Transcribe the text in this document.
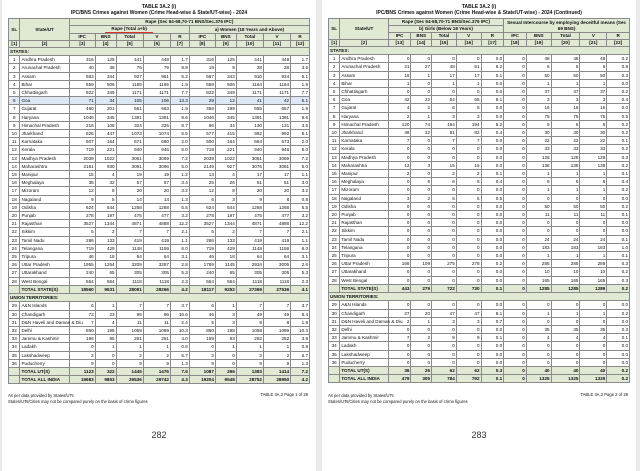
TABLE 3A.2 (i)
IPC/BNS Crimes against Women (Crime Head-wise & State/UT-wise) - 2024
SL	State/UT	Rape (Sec 64-68,70-71 BNS/Sec.376 IPC)									
		Rape (Total a+b)					a) Women (18 Years and Above)				
		IPC	BNS	Total	V	R	IPC	BNS	Total	V	R
[1]	[2]	[3]	[4]	[5]	[6]	[7]	[8]	[9]	[10]	[11]	[12]
STATES:											
1	Andhra Pradesh	316	125	441	448	1.7	316	125	441	448	1.7
2	Arunachal Pradesh	40	36	76	79	9.9	19	9	28	28	3.6
3	Assam	583	344	927	951	5.2	567	343	910	934	5.1
4	Bihar	659	506	1165	1165	1.9	658	506	1164	1164	1.9
5	Chhattisgarh	822	349	1171	1171	7.7	822	349	1171	1171	7.7
6	Goa	71	34	105	106	13.3	29	12	41	42	5.1
7	Gujarat	460	201	661	663	1.9	456	199	655	657	1.9
8	Haryana	1046	345	1391	1391	9.6	1046	345	1391	1391	9.6
9	Himachal Pradesh	216	108	324	325	8.7	96	34	130	131	3.5
10	Jharkhand	626	447	1073	1074	5.5	577	415	992	992	5.1
11	Karnataka	507	164	671	680	2.0	500	164	664	673	2.0
12	Kerala	719	221	940	946	5.0	719	221	940	946	5.0
13	Madhya Pradesh	2039	1022	3061	3069	7.2	2039	1022	3061	3069	7.2
14	Maharashtra	2161	930	3091	3096	5.0	2149	927	3076	3081	5.0
15	Manipur	15	4	19	19	1.2	13	4	17	17	1.1
16	Meghalaya	35	32	57	57	3.4	25	26	51	51	3.0
17	Mizoram	12	8	20	20	3.2	12	8	20	20	3.2
18	Nagaland	9	5	14	14	1.3	6	3	9	8	0.8
19	Odisha	624	644	1268	1268	5.5	624	644	1268	1268	5.5
20	Punjab	278	197	475	477	3.2	278	197	475	477	3.2
21	Rajasthan	3527	1344	4871	4888	12.2	3527	1344	4871	4888	12.2
22	Sikkim	5	2	7	7	2.1	5	2	7	7	2.1
23	Tamil Nadu	286	133	419	419	1.1	286	133	419	419	1.1
24	Telangana	719	429	1148	1159	6.0	719	429	1148	1159	6.0
25	Tripura	46	18	64	64	3.1	46	18	64	64	3.1
26	Uttar Pradesh	1955	1254	3209	3287	2.8	1789	1145	2934	3005	2.6
27	Uttarakhand	240	65	305	305	5.3	240	65	305	305	5.3
28	West Bengal	554	564	1118	1118	2.3	554	564	1118	1118	2.3
	TOTAL STATE(S)	18560	9531	28091	28266	4.2	18117	9252	27369	27536	4.1
UNION TERRITORIES:											
29	A&N Islands	6	1	7	7	3.7	6	1	7	7	3.7
30	Chandigarh	73	23	96	96	16.6	46	3	49	49	8.4
31	D&N Haveli and Daman & Diu	7	4	11	11	2.4	5	3	8	8	1.8
32	Delhi	860	198	1058	1089	10.3	860	198	1058	1089	10.3
33	Jammu & Kashmir	166	95	261	261	4.0	159	93	252	252	3.8
34	Ladakh	0	1	1	1	0.8	0	1	1	1	0.8
35	Lakshadweep	2	0	2	2	6.7	2	0	2	2	6.7
36	Puducherry	9	0	9	9	1.3	9	0	9	9	1.3
	TOTAL UT(S)	1123	322	1445	1476	7.6	1087	296	1383	1414	7.2
	TOTAL ALL INDIA	19683	9853	29536	29742	4.3	19204	9548	28752	28950	4.2
As per data provided by States/UTs
States/UTs/Cities may not be compared purely on the basis of crime figures
TABLE 3A.2 Page 1 of 28
282
TABLE 3A.2 (i)
IPC/BNS Crimes against Women (Crime Head-wise & State/UT-wise) - 2024 (Continued)
SL	State/UT	Rape (Sec 64-68,70-71 BNS/Sec.376 IPC)					Sexual Intercourse by employing deceitful means (Sec 69 BNS)				
		b) Girls (Below 18 Years)									
		IPC	BNS	Total	V	R	IPC	BNS	Total	V	R
[1]	[2]	[13]	[14]	[15]	[16]	[17]	[18]	[19]	[20]	[21]	[22]
STATES:											
1	Andhra Pradesh	0	0	0	0	0.0	0	48	48	48	0.2
2	Arunachal Pradesh	21	27	48	51	6.2	0	6	6	6	0.8
3	Assam	16	1	17	17	0.1	0	50	50	50	0.3
4	Bihar	1	0	1	1	0.0	0	1	1	1	0.0
5	Chhattisgarh	0	0	0	0	0.0	0	37	37	37	0.2
6	Goa	42	22	64	65	8.1	0	3	3	3	0.4
7	Gujarat	4	2	6	6	0.0	0	16	16	16	0.0
8	Haryana	2	1	3	3	0.0	0	75	75	75	0.5
9	Himachal Pradesh	120	74	194	194	5.2	0	6	6	6	0.2
10	Jharkhand	49	32	81	82	0.4	0	30	30	30	0.2
11	Karnataka	7	0	7	7	0.0	0	22	22	22	0.1
12	Kerala	0	0	0	0	0.0	0	33	33	33	0.2
13	Madhya Pradesh	0	0	0	0	0.0	0	128	128	128	0.3
14	Maharashtra	12	3	15	15	0.0	0	138	138	138	0.2
15	Manipur	2	0	2	2	0.1	0	1	1	1	0.1
16	Meghalaya	0	6	6	6	0.4	0	6	6	6	0.4
17	Mizoram	0	0	0	0	0.0	0	1	1	1	0.2
18	Nagaland	3	2	5	5	0.5	0	0	0	0	0.0
19	Odisha	0	0	0	0	0.0	0	50	50	50	0.2
20	Punjab	0	0	0	0	0.0	0	11	11	11	0.1
21	Rajasthan	0	0	0	0	0.0	0	0	0	0	0.0
22	Sikkim	0	0	0	0	0.0	0	0	0	0	0.0
23	Tamil Nadu	0	0	0	0	0.0	0	24	24	24	0.1
24	Telangana	0	0	0	0	0.0	0	183	183	183	1.0
25	Tripura	0	0	0	0	0.0	0	1	1	1	0.1
26	Uttar Pradesh	166	109	275	278	0.2	0	285	285	289	0.3
27	Uttarakhand	0	0	0	0	0.0	0	10	10	10	0.2
28	West Bengal	0	0	0	0	0.0	0	165	165	165	0.3
	TOTAL STATE(S)	443	279	722	730	0.1	0	1285	1285	1289	0.2
UNION TERRITORIES:											
29	A&N Islands	0	0	0	0	0.0	0	0	0	0	0.0
30	Chandigarh	27	20	47	47	8.1	0	1	1	1	0.2
31	D&N Haveli and Daman & Diu	2	1	3	3	0.7	0	0	0	0	0.0
32	Delhi	0	0	0	0	0.0	0	35	35	35	0.3
33	Jammu & Kashmir	7	2	9	9	0.1	0	4	4	4	0.1
34	Ladakh	0	0	0	0	0.0	0	0	0	0	0.0
35	Lakshadweep	0	0	0	0	0.0	0	0	0	0	0.0
36	Puducherry	0	0	0	0	0.0	0	0	0	0	0.0
	TOTAL UT(S)	36	26	62	62	0.3	0	40	40	40	0.2
	TOTAL ALL INDIA	479	305	784	792	0.1	0	1325	1325	1329	0.2
As per data provided by States/UTs
States/UTs/Cities may not be compared purely on the basis of crime figures
TABLE 3A.2 Page 2 of 28
283
